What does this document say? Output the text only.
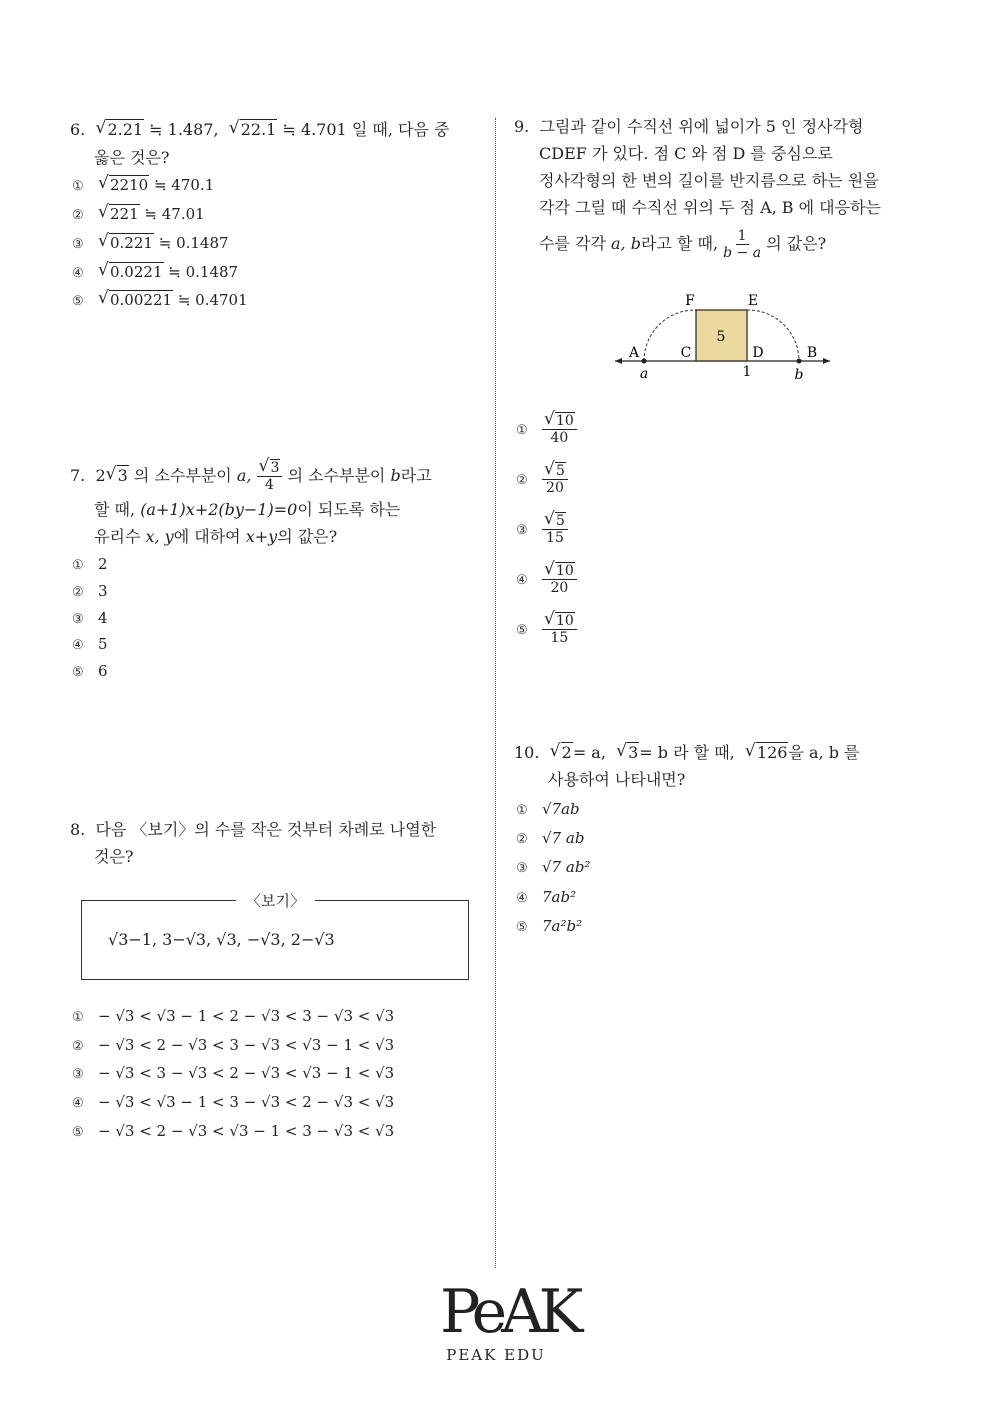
6. √ 2.21 ≒ 1.487, √ 22.1 ≒ 4.701 일 때, 다음 중
옳은 것은?
① √ 2210 ≒ 470.1
② √ 221 ≒ 47.01
③ √ 0.221 ≒ 0.1487
④ √ 0.0221 ≒ 0.1487
⑤ √ 0.00221 ≒ 0.4701
7. 2 √ 3 의 소수부분이 a, √ $\frac{3}{4}$ 의 소수부분이 b라고
할 때, (a+1)x+2(by−1)=0이 되도록 하는
유리수 x, y에 대하여 x+y의 값은?
① 2
② 3
③ 4
④ 5
⑤ 6
8. 다음 〈보기〉의 수를 작은 것부터 차례로 나열한
것은?
〈보기〉
√3−1, 3−√3, √3, −√3, 2−√3
① − √3 < √3 − 1 < 2 − √3 < 3 − √3 < √3
② − √3 < 2 − √3 < 3 − √3 < √3 − 1 < √3
③ − √3 < 3 − √3 < 2 − √3 < √3 − 1 < √3
④ − √3 < √3 − 1 < 3 − √3 < 2 − √3 < √3
⑤ − √3 < 2 − √3 < √3 − 1 < 3 − √3 < √3
9. 그림과 같이 수직선 위에 넓이가 5 인 정사각형
CDEF 가 있다. 점 C 와 점 D 를 중심으로
정사각형의 한 변의 길이를 반지름으로 하는 원을
각각 그릴 때 수직선 위의 두 점 A, B 에 대응하는
수를 각각 a, b라고 할 때, $\frac{1}{b - a}$ 의 값은?
5
F	E
A	C	D	B
a	1	b
① √ $\frac{10}{40}$
② √ $\frac{5}{20}$
③ √ $\frac{5}{15}$
④ √ $\frac{10}{20}$
⑤ √ $\frac{10}{15}$
10. √ 2= a, √ 3= b 라 할 때, √ 126을 a, b 를
사용하여 나타내면?
① √7ab
② √7 ab
③ √7 ab²
④ 7ab²
⑤ 7a²b²
PeAK
PEAK EDU
